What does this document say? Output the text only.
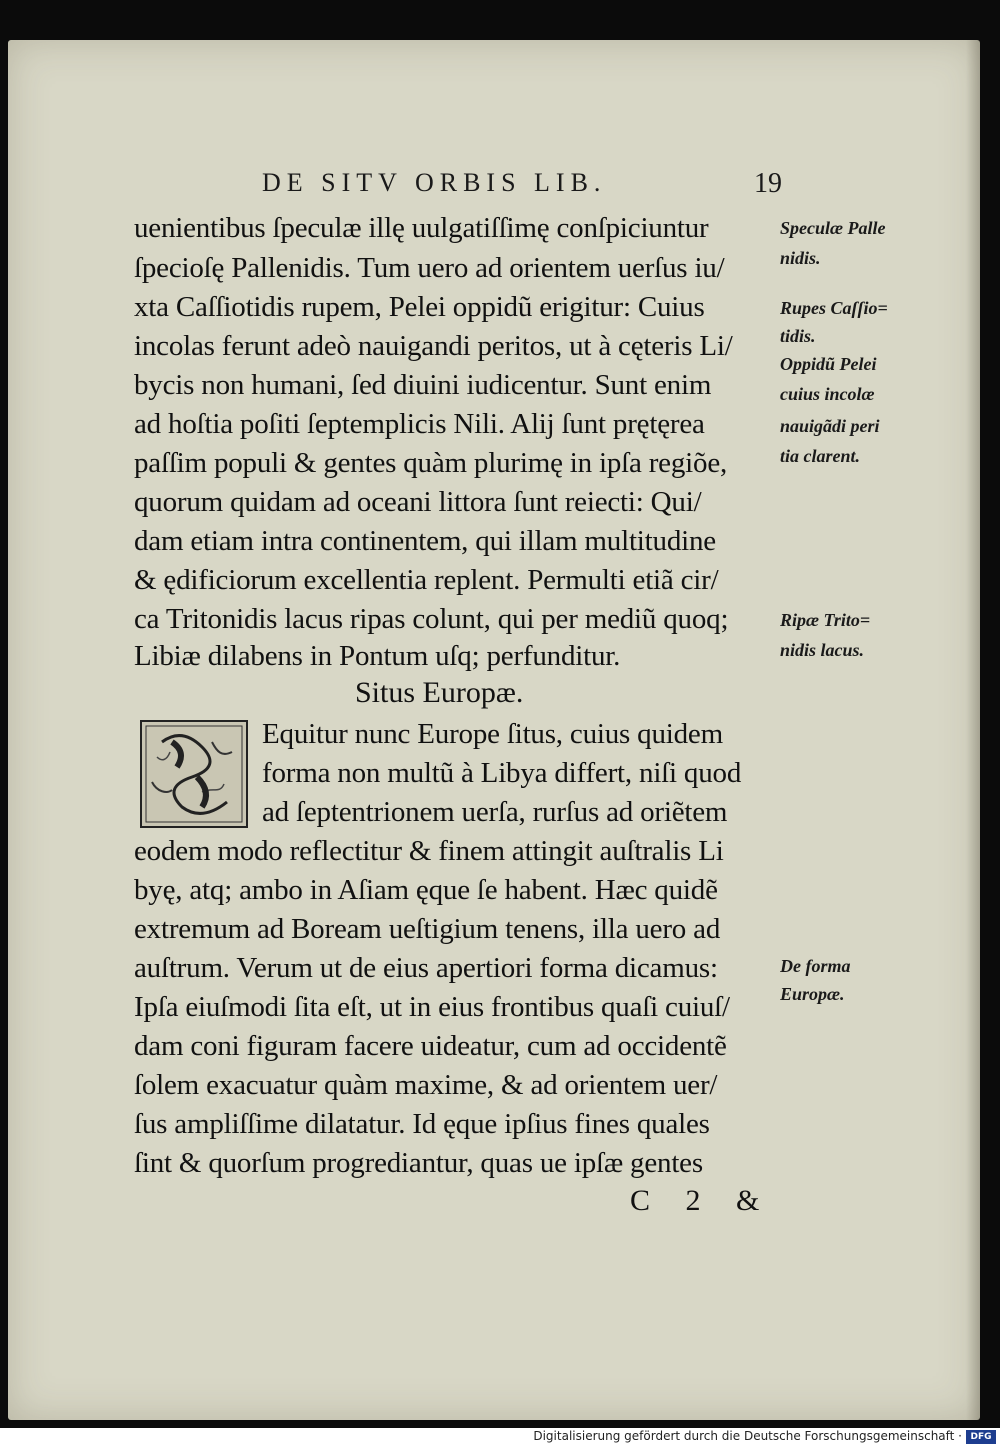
DE SITV ORBIS LIB.	19
uenientibus ſpeculæ illę uulgatiſſimę conſpiciuntur
ſpecioſę Pallenidis. Tum uero ad orientem uerſus iu/
xta Caſſiotidis rupem, Pelei oppidũ erigitur: Cuius
incolas ferunt adeò nauigandi peritos, ut à cęteris Li/
bycis non humani, ſed diuini iudicentur. Sunt enim
ad hoſtia poſiti ſeptemplicis Nili. Alij ſunt prętęrea
paſſim populi & gentes quàm plurimę in ipſa regiõe,
quorum quidam ad oceani littora ſunt reiecti: Qui/
dam etiam intra continentem, qui illam multitudine
& ędificiorum excellentia replent. Permulti etiã cir/
ca Tritonidis lacus ripas colunt, qui per mediũ quoq;
Libiæ dilabens in Pontum uſq; perfunditur.
Situs Europæ.
Equitur nunc Europe ſitus, cuius quidem
forma non multũ à Libya differt, niſi quod
ad ſeptentrionem uerſa, rurſus ad oriẽtem
eodem modo reflectitur & finem attingit auſtralis Li
byę, atq; ambo in Aſiam ęque ſe habent. Hæc quidẽ
extremum ad Boream ueſtigium tenens, illa uero ad
auſtrum. Verum ut de eius apertiori forma dicamus:
Ipſa eiuſmodi ſita eſt, ut in eius frontibus quaſi cuiuſ/
dam coni figuram facere uideatur, cum ad occidentẽ
ſolem exacuatur quàm maxime, & ad orientem uer/
ſus ampliſſime dilatatur. Id ęque ipſius fines quales
ſint & quorſum progrediantur, quas ue ipſæ gentes
C 2 &
Speculæ Palle
nidis.
Rupes Caſſio=
tidis.
Oppidũ Pelei
cuius incolæ
nauigãdi peri
tia clarent.
Ripæ Trito=
nidis lacus.
De forma
Europæ.
Digitalisierung gefördert durch die Deutsche Forschungsgemeinschaft · DFG
